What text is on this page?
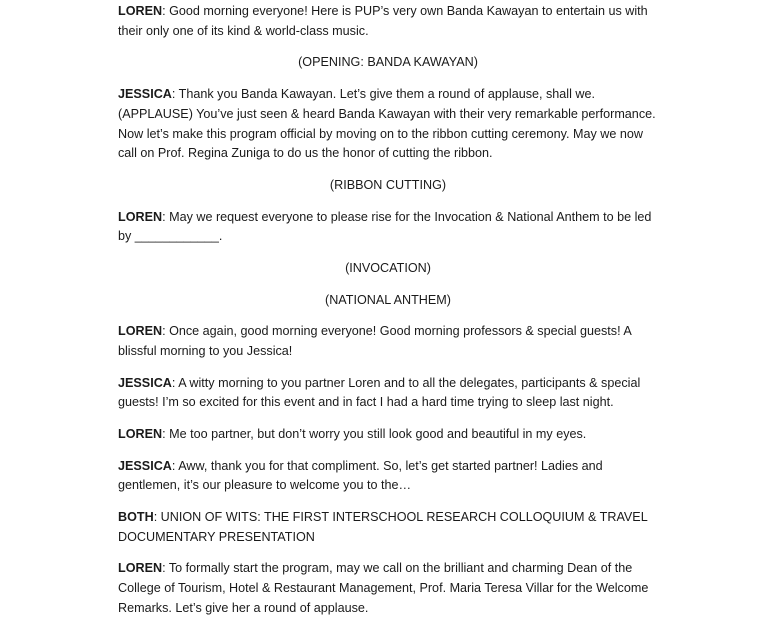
LOREN: Good morning everyone! Here is PUP’s very own Banda Kawayan to entertain us with their only one of its kind & world-class music.

(OPENING: BANDA KAWAYAN)

JESSICA: Thank you Banda Kawayan. Let’s give them a round of applause, shall we. (APPLAUSE) You’ve just seen & heard Banda Kawayan with their very remarkable performance. Now let’s make this program official by moving on to the ribbon cutting ceremony. May we now call on Prof. Regina Zuniga to do us the honor of cutting the ribbon.

(RIBBON CUTTING)

LOREN: May we request everyone to please rise for the Invocation & National Anthem to be led by ____________.

(INVOCATION)

(NATIONAL ANTHEM)

LOREN: Once again, good morning everyone! Good morning professors & special guests! A blissful morning to you Jessica!

JESSICA: A witty morning to you partner Loren and to all the delegates, participants & special guests! I’m so excited for this event and in fact I had a hard time trying to sleep last night.

LOREN: Me too partner, but don’t worry you still look good and beautiful in my eyes.

JESSICA: Aww, thank you for that compliment. So, let’s get started partner! Ladies and gentlemen, it’s our pleasure to welcome you to the…

BOTH: UNION OF WITS: THE FIRST INTERSCHOOL RESEARCH COLLOQUIUM & TRAVEL DOCUMENTARY PRESENTATION

LOREN: To formally start the program, may we call on the brilliant and charming Dean of the College of Tourism, Hotel & Restaurant Management, Prof. Maria Teresa Villar for the Welcome Remarks. Let’s give her a round of applause.
